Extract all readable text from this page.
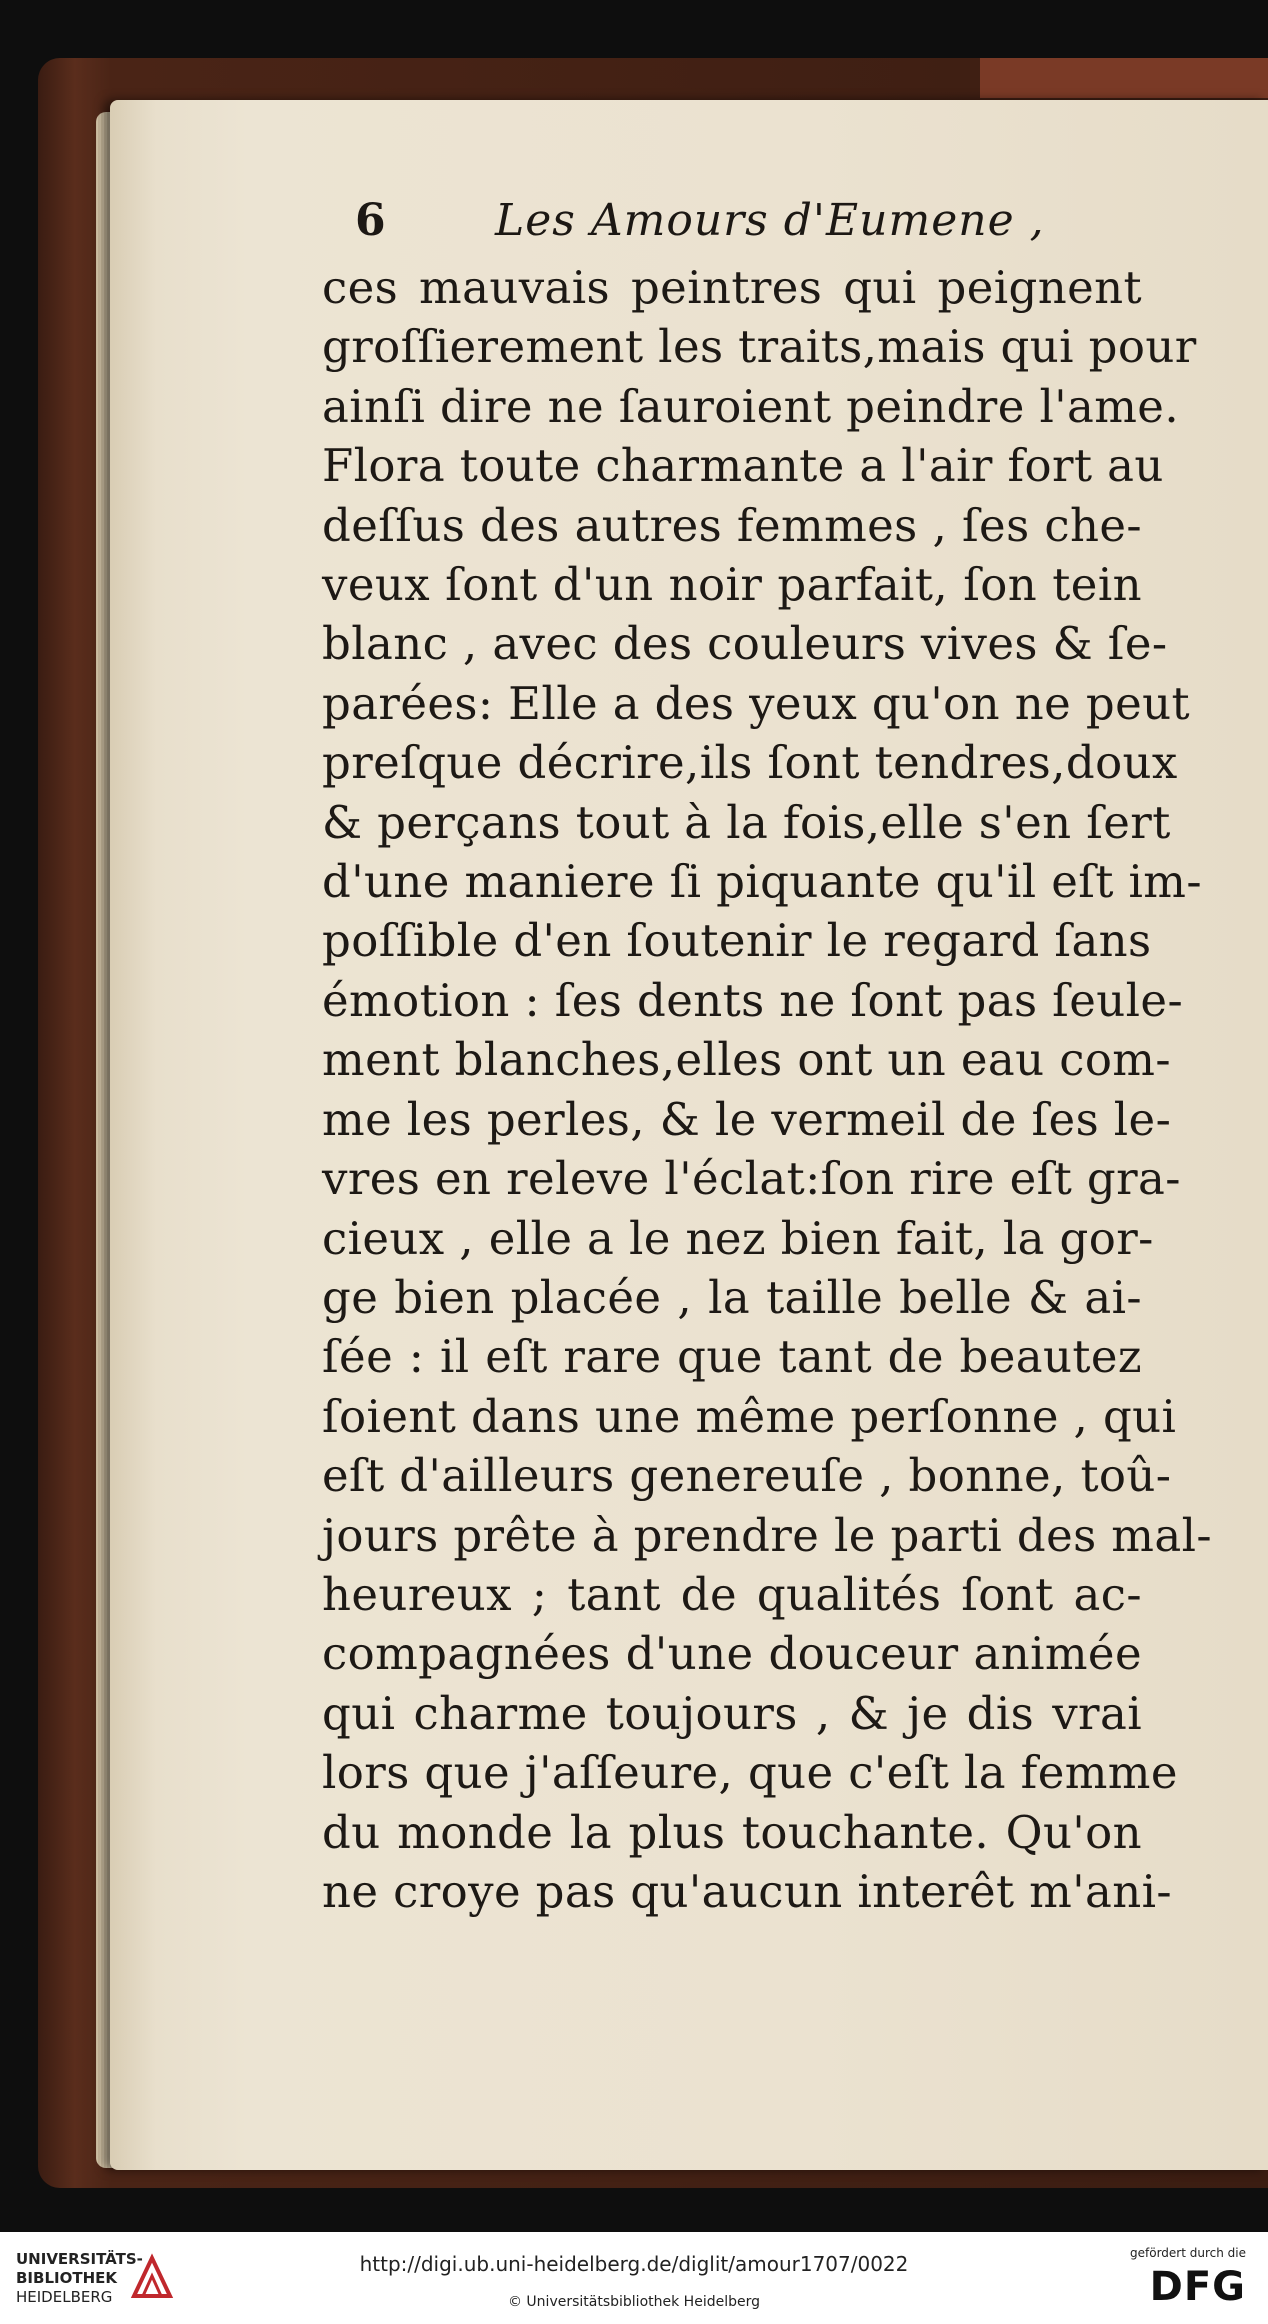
6	Les Amours d'Eumene ,
ces mauvais peintres qui peignent
groſſierement les traits,mais qui pour
ainſi dire ne ſauroient peindre l'ame.
Flora toute charmante a l'air fort au
deſſus des autres femmes , ſes che-
veux ſont d'un noir parfait, ſon tein
blanc , avec des couleurs vives & ſe-
parées: Elle a des yeux qu'on ne peut
preſque décrire,ils ſont tendres,doux
& perçans tout à la fois,elle s'en ſert
d'une maniere ſi piquante qu'il eſt im-
poſſible d'en ſoutenir le regard ſans
émotion : ſes dents ne ſont pas ſeule-
ment blanches,elles ont un eau com-
me les perles, & le vermeil de ſes le-
vres en releve l'éclat:ſon rire eſt gra-
cieux , elle a le nez bien fait, la gor-
ge bien placée , la taille belle & ai-
ſée : il eſt rare que tant de beautez
ſoient dans une même perſonne , qui
eſt d'ailleurs genereuſe , bonne, toû-
jours prête à prendre le parti des mal-
heureux ; tant de qualités ſont ac-
compagnées d'une douceur animée
qui charme toujours , & je dis vrai
lors que j'aſſeure, que c'eſt la femme
du monde la plus touchante. Qu'on
ne croye pas qu'aucun interêt m'ani-
UNIVERSITÄTS-
BIBLIOTHEK
HEIDELBERG
http://digi.ub.uni-heidelberg.de/diglit/amour1707/0022
© Universitätsbibliothek Heidelberg
gefördert durch die
DFG
